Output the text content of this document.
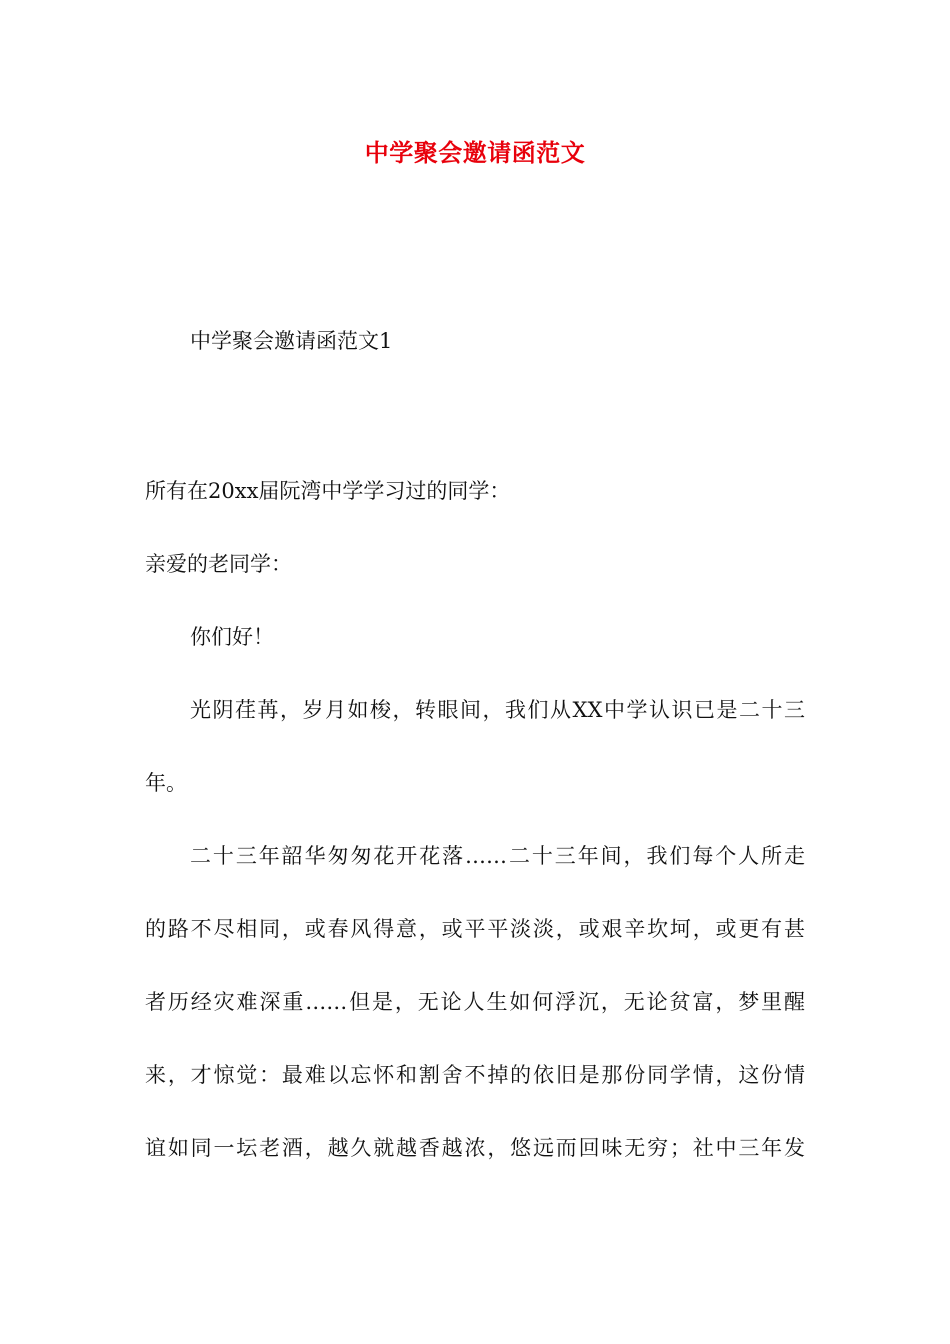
中学聚会邀请函范文
中学聚会邀请函范文1
所有在20xx届阮湾中学学习过的同学：
亲爱的老同学：
你们好！
光阴荏苒，岁月如梭，转眼间，我们从XX中学认识已是二十三
年。
二十三年韶华匆匆花开花落……二十三年间，我们每个人所走
的路不尽相同，或春风得意，或平平淡淡，或艰辛坎坷，或更有甚
者历经灾难深重……但是，无论人生如何浮沉，无论贫富，梦里醒
来，才惊觉：最难以忘怀和割舍不掉的依旧是那份同学情，这份情
谊如同一坛老酒，越久就越香越浓，悠远而回味无穷；社中三年发
